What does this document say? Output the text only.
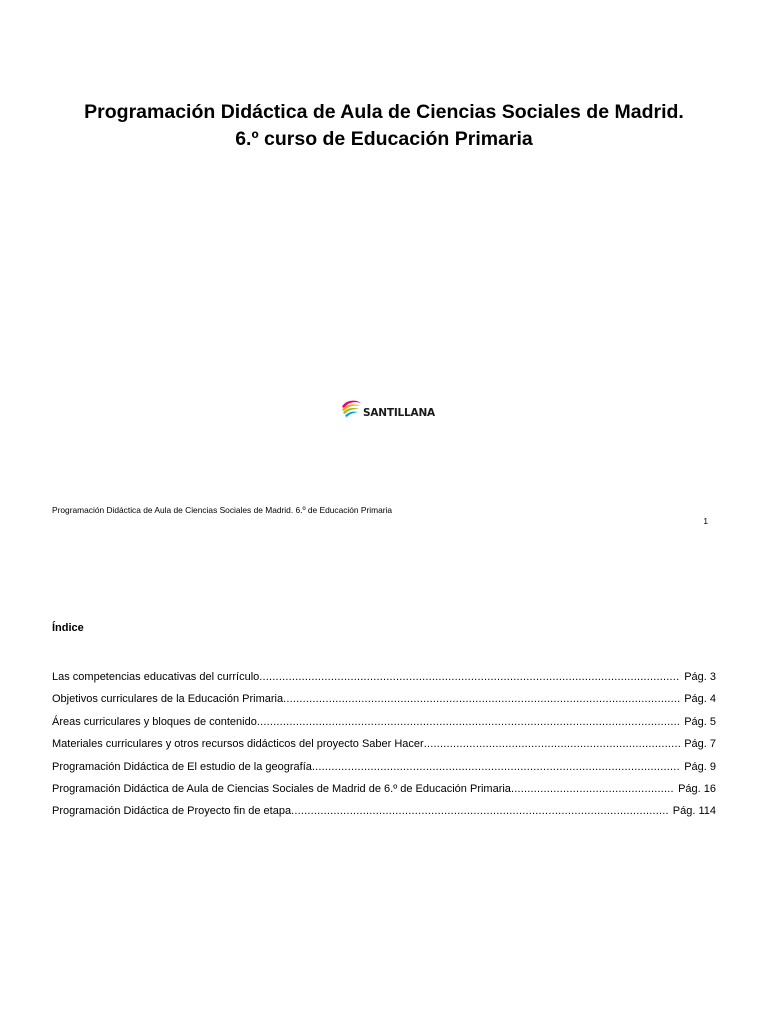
Programación Didáctica de Aula de Ciencias Sociales de Madrid.
6.º curso de Educación Primaria
SANTILLANA
Programación Didáctica de Aula de Ciencias Sociales de Madrid. 6.º de Educación Primaria
1
Índice
Las competencias educativas del currículo .....	Pág. 3
Objetivos curriculares de la Educación Primaria .....	Pág. 4
Áreas curriculares y bloques de contenido .....	Pág. 5
Materiales curriculares y otros recursos didácticos del proyecto Saber Hacer .....	Pág. 7
Programación Didáctica de El estudio de la geografía .....	Pág. 9
Programación Didáctica de Aula de Ciencias Sociales de Madrid de 6.º de Educación Primaria .....	Pág. 16
Programación Didáctica de Proyecto fin de etapa .....	Pág. 114
